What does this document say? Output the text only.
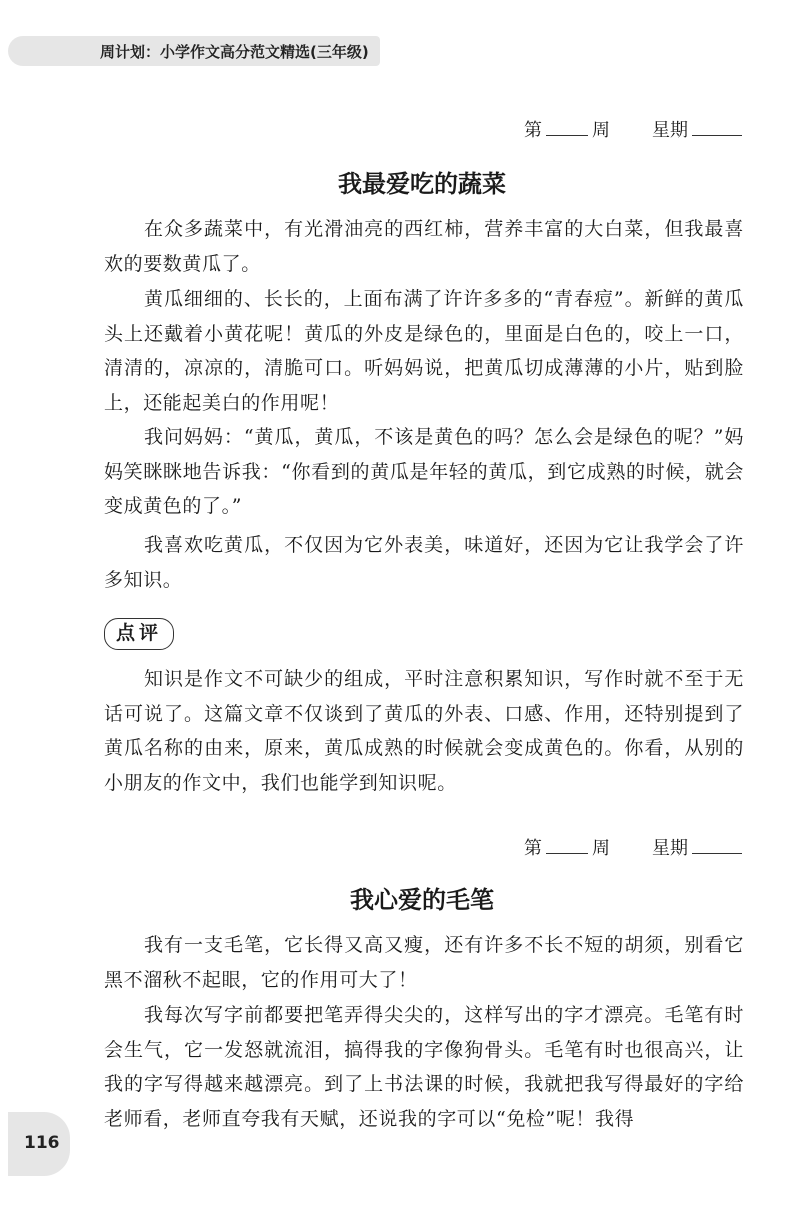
周计划：小学作文高分范文精选(三年级)
第	周 星期
我最爱吃的蔬菜
在众多蔬菜中，有光滑油亮的西红柿，营养丰富的大白菜，但我最喜欢的要数黄瓜了。
黄瓜细细的、长长的，上面布满了许许多多的“青春痘”。新鲜的黄瓜头上还戴着小黄花呢！黄瓜的外皮是绿色的，里面是白色的，咬上一口，清清的，凉凉的，清脆可口。听妈妈说，把黄瓜切成薄薄的小片，贴到脸上，还能起美白的作用呢！
我问妈妈：“黄瓜，黄瓜，不该是黄色的吗？怎么会是绿色的呢？”妈妈笑眯眯地告诉我：“你看到的黄瓜是年轻的黄瓜，到它成熟的时候，就会变成黄色的了。”
我喜欢吃黄瓜，不仅因为它外表美，味道好，还因为它让我学会了许多知识。
点评
知识是作文不可缺少的组成，平时注意积累知识，写作时就不至于无话可说了。这篇文章不仅谈到了黄瓜的外表、口感、作用，还特别提到了黄瓜名称的由来，原来，黄瓜成熟的时候就会变成黄色的。你看，从别的小朋友的作文中，我们也能学到知识呢。
第	周 星期
我心爱的毛笔
我有一支毛笔，它长得又高又瘦，还有许多不长不短的胡须，别看它黑不溜秋不起眼，它的作用可大了！
我每次写字前都要把笔弄得尖尖的，这样写出的字才漂亮。毛笔有时会生气，它一发怒就流泪，搞得我的字像狗骨头。毛笔有时也很高兴，让我的字写得越来越漂亮。到了上书法课的时候，我就把我写得最好的字给老师看，老师直夸我有天赋，还说我的字可以“免检”呢！我得
116
